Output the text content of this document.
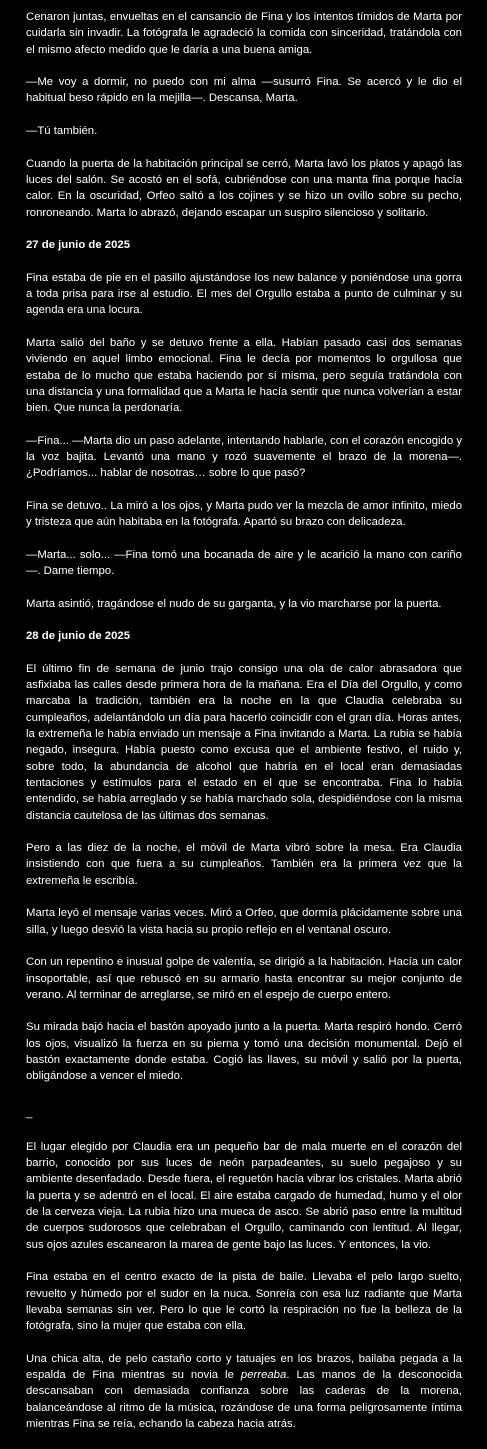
Cenaron juntas, envueltas en el cansancio de Fina y los intentos tímidos de Marta por cuidarla sin invadir. La fotógrafa le agradeció la comida con sinceridad, tratándola con el mismo afecto medido que le daría a una buena amiga.

—Me voy a dormir, no puedo con mi alma —susurró Fina. Se acercó y le dio el habitual beso rápido en la mejilla—. Descansa, Marta.

—Tú también.

Cuando la puerta de la habitación principal se cerró, Marta lavó los platos y apagó las luces del salón. Se acostó en el sofá, cubriéndose con una manta fina porque hacía calor. En la oscuridad, Orfeo saltó a los cojines y se hizo un ovillo sobre su pecho, ronroneando. Marta lo abrazó, dejando escapar un suspiro silencioso y solitario.

27 de junio de 2025

Fina estaba de pie en el pasillo ajustándose los new balance y poniéndose una gorra a toda prisa para irse al estudio. El mes del Orgullo estaba a punto de culminar y su agenda era una locura.

Marta salió del baño y se detuvo frente a ella. Habían pasado casi dos semanas viviendo en aquel limbo emocional. Fina le decía por momentos lo orgullosa que estaba de lo mucho que estaba haciendo por sí misma, pero seguía tratándola con una distancia y una formalidad que a Marta le hacía sentir que nunca volverían a estar bien. Que nunca la perdonaría.

—Fina... —Marta dio un paso adelante, intentando hablarle, con el corazón encogido y la voz bajita. Levantó una mano y rozó suavemente el brazo de la morena—. ¿Podríamos... hablar de nosotras… sobre lo que pasó?

Fina se detuvo.. La miró a los ojos, y Marta pudo ver la mezcla de amor infinito, miedo y tristeza que aún habitaba en la fotógrafa. Apartó su brazo con delicadeza.

—Marta... solo... —Fina tomó una bocanada de aire y le acarició la mano con cariño—. Dame tiempo.

Marta asintió, tragándose el nudo de su garganta, y la vio marcharse por la puerta.

28 de junio de 2025

El último fin de semana de junio trajo consigo una ola de calor abrasadora que asfixiaba las calles desde primera hora de la mañana. Era el Día del Orgullo, y como marcaba la tradición, también era la noche en la que Claudia celebraba su cumpleaños, adelantándolo un día para hacerlo coincidir con el gran día. Horas antes, la extremeña le había enviado un mensaje a Fina invitando a Marta. La rubia se había negado, insegura. Había puesto como excusa que el ambiente festivo, el ruido y, sobre todo, la abundancia de alcohol que habría en el local eran demasiadas tentaciones y estímulos para el estado en el que se encontraba. Fina lo había entendido, se había arreglado y se había marchado sola, despidiéndose con la misma distancia cautelosa de las últimas dos semanas.

Pero a las diez de la noche, el móvil de Marta vibró sobre la mesa. Era Claudia insistiendo con que fuera a su cumpleaños. También era la primera vez que la extremeña le escribía.

Marta leyó el mensaje varias veces. Miró a Orfeo, que dormía plácidamente sobre una silla, y luego desvió la vista hacia su propio reflejo en el ventanal oscuro.

Con un repentino e inusual golpe de valentía, se dirigió a la habitación. Hacía un calor insoportable, así que rebuscó en su armario hasta encontrar su mejor conjunto de verano. Al terminar de arreglarse, se miró en el espejo de cuerpo entero.

Su mirada bajó hacia el bastón apoyado junto a la puerta. Marta respiró hondo. Cerró los ojos, visualizó la fuerza en su pierna y tomó una decisión monumental. Dejó el bastón exactamente donde estaba. Cogió las llaves, su móvil y salió por la puerta, obligándose a vencer el miedo.

_

El lugar elegido por Claudia era un pequeño bar de mala muerte en el corazón del barrio, conocido por sus luces de neón parpadeantes, su suelo pegajoso y su ambiente desenfadado. Desde fuera, el reguetón hacía vibrar los cristales. Marta abrió la puerta y se adentró en el local. El aire estaba cargado de humedad, humo y el olor de la cerveza vieja. La rubia hizo una mueca de asco. Se abrió paso entre la multitud de cuerpos sudorosos que celebraban el Orgullo, caminando con lentitud. Al llegar, sus ojos azules escanearon la marea de gente bajo las luces. Y entonces, la vio.

Fina estaba en el centro exacto de la pista de baile. Llevaba el pelo largo suelto, revuelto y húmedo por el sudor en la nuca. Sonreía con esa luz radiante que Marta llevaba semanas sin ver. Pero lo que le cortó la respiración no fue la belleza de la fotógrafa, sino la mujer que estaba con ella.

Una chica alta, de pelo castaño corto y tatuajes en los brazos, bailaba pegada a la espalda de Fina mientras su novia le perreaba. Las manos de la desconocida descansaban con demasiada confianza sobre las caderas de la morena, balanceándose al ritmo de la música, rozándose de una forma peligrosamente íntima mientras Fina se reía, echando la cabeza hacia atrás.
